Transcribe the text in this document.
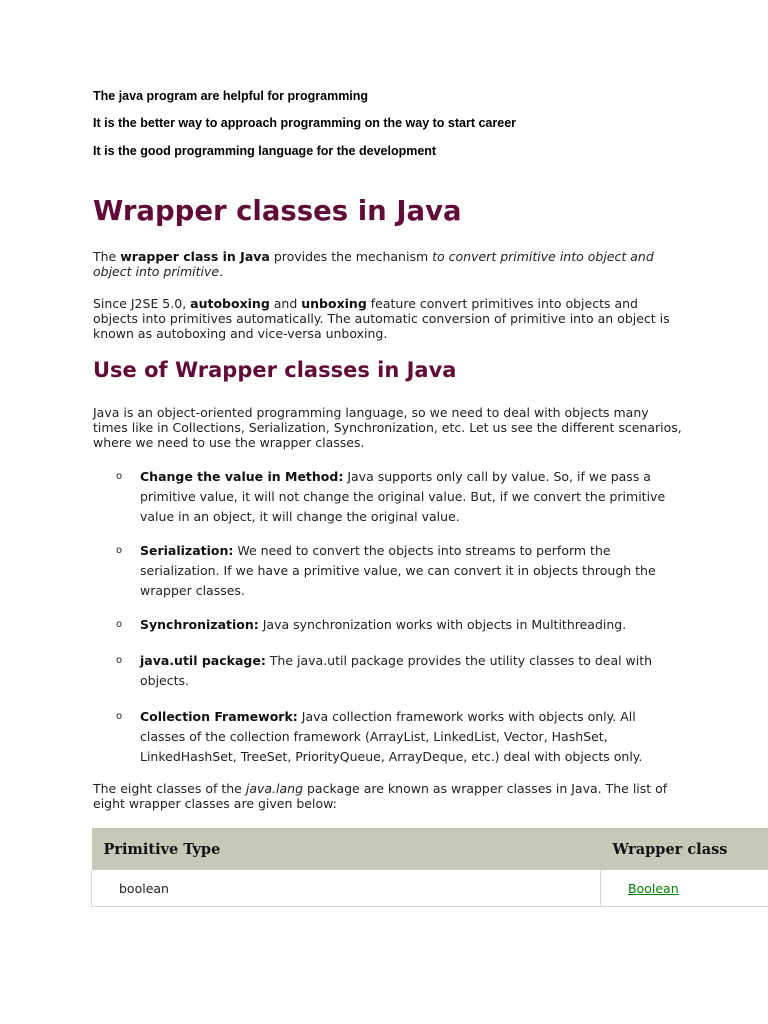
The java program are helpful for programming
It is the better way to approach programming on the way to start career
It is the good programming language for the development
Wrapper classes in Java

The wrapper class in Java provides the mechanism to convert primitive into object and object into primitive.

Since J2SE 5.0, autoboxing and unboxing feature convert primitives into objects and objects into primitives automatically. The automatic conversion of primitive into an object is known as autoboxing and vice-versa unboxing.

Use of Wrapper classes in Java

Java is an object-oriented programming language, so we need to deal with objects many times like in Collections, Serialization, Synchronization, etc. Let us see the different scenarios, where we need to use the wrapper classes.

o Change the value in Method: Java supports only call by value. So, if we pass a primitive value, it will not change the original value. But, if we convert the primitive value in an object, it will change the original value.
o Serialization: We need to convert the objects into streams to perform the serialization. If we have a primitive value, we can convert it in objects through the wrapper classes.
o Synchronization: Java synchronization works with objects in Multithreading.
o java.util package: The java.util package provides the utility classes to deal with objects.
o Collection Framework: Java collection framework works with objects only. All classes of the collection framework (ArrayList, LinkedList, Vector, HashSet, LinkedHashSet, TreeSet, PriorityQueue, ArrayDeque, etc.) deal with objects only.

The eight classes of the java.lang package are known as wrapper classes in Java. The list of eight wrapper classes are given below:

Primitive Type	Wrapper class
boolean	Boolean
